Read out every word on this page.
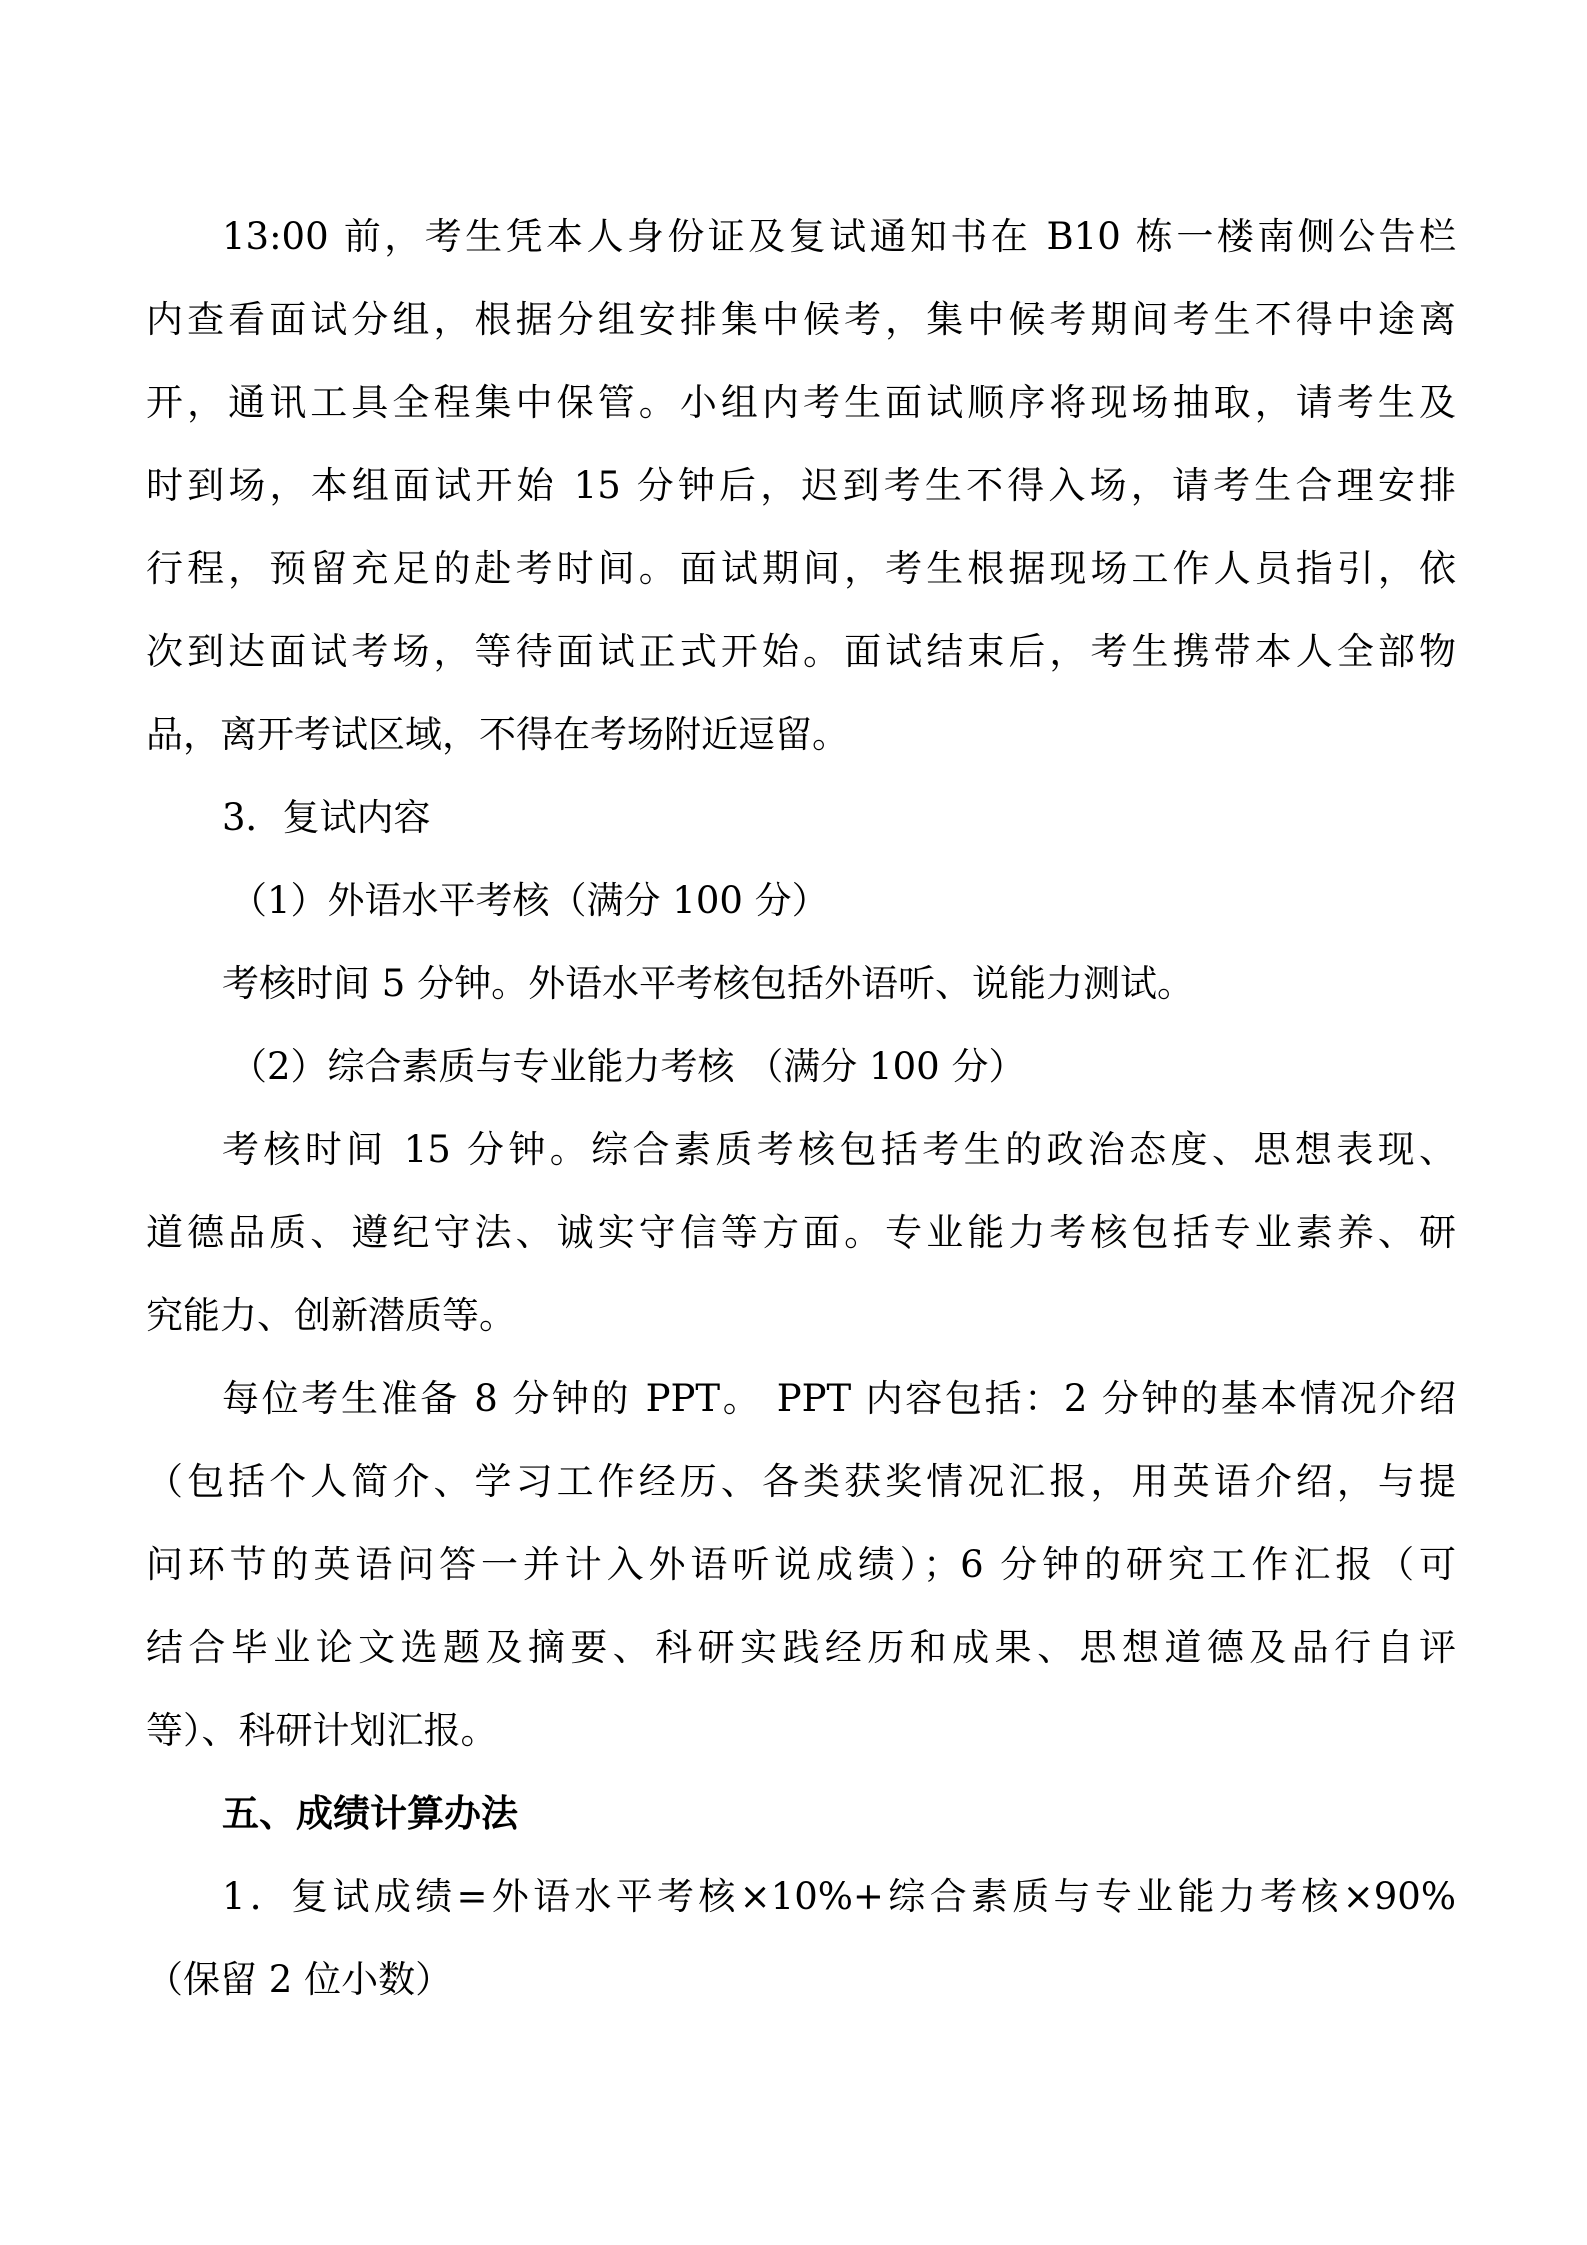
13:00 前，考生凭本人身份证及复试通知书在 B10 栋一楼南侧公告栏
内查看面试分组，根据分组安排集中候考，集中候考期间考生不得中途离
开，通讯工具全程集中保管。小组内考生面试顺序将现场抽取，请考生及
时到场，本组面试开始 15 分钟后，迟到考生不得入场，请考生合理安排
行程，预留充足的赴考时间。面试期间，考生根据现场工作人员指引，依
次到达面试考场，等待面试正式开始。面试结束后，考生携带本人全部物
品，离开考试区域，不得在考场附近逗留。
3．复试内容
（1）外语水平考核（满分 100 分）
考核时间 5 分钟。外语水平考核包括外语听、说能力测试。
（2）综合素质与专业能力考核 （满分 100 分）
考核时间 15 分钟。综合素质考核包括考生的政治态度、思想表现、
道德品质、遵纪守法、诚实守信等方面。专业能力考核包括专业素养、研
究能力、创新潜质等。
每位考生准备 8 分钟的 PPT。 PPT 内容包括：2 分钟的基本情况介绍
（包括个人简介、学习工作经历、各类获奖情况汇报，用英语介绍，与提
问环节的英语问答一并计入外语听说成绩）；6 分钟的研究工作汇报（可
结合毕业论文选题及摘要、科研实践经历和成果、思想道德及品行自评
等）、科研计划汇报。
五、成绩计算办法
1．复试成绩=外语水平考核×10%+综合素质与专业能力考核×90%
（保留 2 位小数）
